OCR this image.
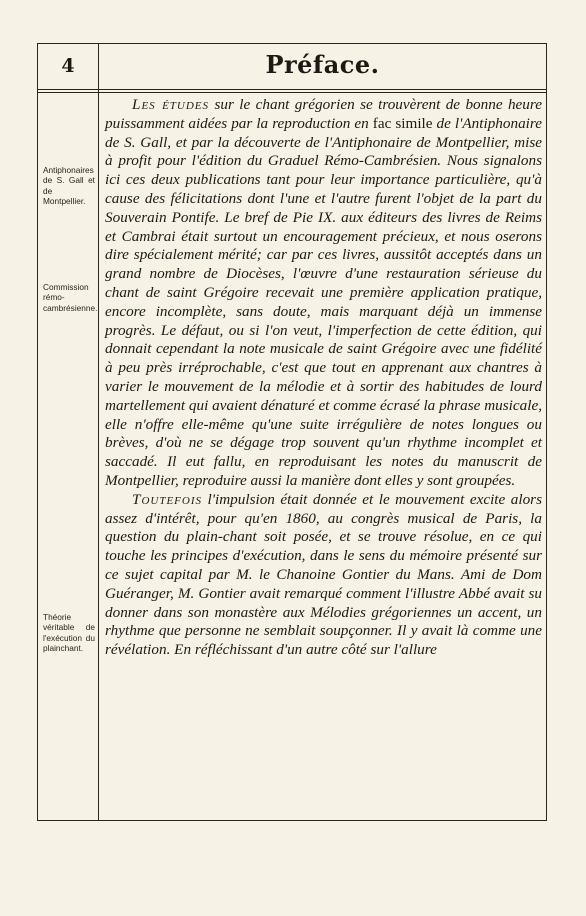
4	Préface.
Antiphonaires de S. Gall et de Montpellier.
Commission rémo-cambrésienne.
Théorie véritable de l'exécution du plainchant.

Les études sur le chant grégorien se trouvèrent de bonne heure puissamment aidées par la reproduction en fac simile de l'Antiphonaire de S. Gall, et par la découverte de l'Antiphonaire de Montpellier, mise à profit pour l'édition du Graduel Rémo-Cambrésien. Nous signalons ici ces deux publications tant pour leur importance particulière, qu'à cause des félicitations dont l'une et l'autre furent l'objet de la part du Souverain Pontife. Le bref de Pie IX. aux éditeurs des livres de Reims et Cambrai était surtout un encouragement précieux, et nous oserons dire spécialement mérité; car par ces livres, aussitôt acceptés dans un grand nombre de Diocèses, l'œuvre d'une restauration sérieuse du chant de saint Grégoire recevait une première application pratique, encore incomplète, sans doute, mais marquant déjà un immense progrès. Le défaut, ou si l'on veut, l'imperfection de cette édition, qui donnait cependant la note musicale de saint Grégoire avec une fidélité à peu près irréprochable, c'est que tout en apprenant aux chantres à varier le mouvement de la mélodie et à sortir des habitudes de lourd martellement qui avaient dénaturé et comme écrasé la phrase musicale, elle n'offre elle-même qu'une suite irrégulière de notes longues ou brèves, d'où ne se dégage trop souvent qu'un rhythme incomplet et saccadé. Il eut fallu, en reproduisant les notes du manuscrit de Montpellier, reproduire aussi la manière dont elles y sont groupées.

Toutefois l'impulsion était donnée et le mouvement excite alors assez d'intérêt, pour qu'en 1860, au congrès musical de Paris, la question du plain-chant soit posée, et se trouve résolue, en ce qui touche les principes d'exécution, dans le sens du mémoire présenté sur ce sujet capital par M. le Chanoine Gontier du Mans. Ami de Dom Guéranger, M. Gontier avait remarqué comment l'illustre Abbé avait su donner dans son monastère aux Mélodies grégoriennes un accent, un rhythme que personne ne semblait soupçonner. Il y avait là comme une révélation. En réfléchissant d'un autre côté sur l'allure
